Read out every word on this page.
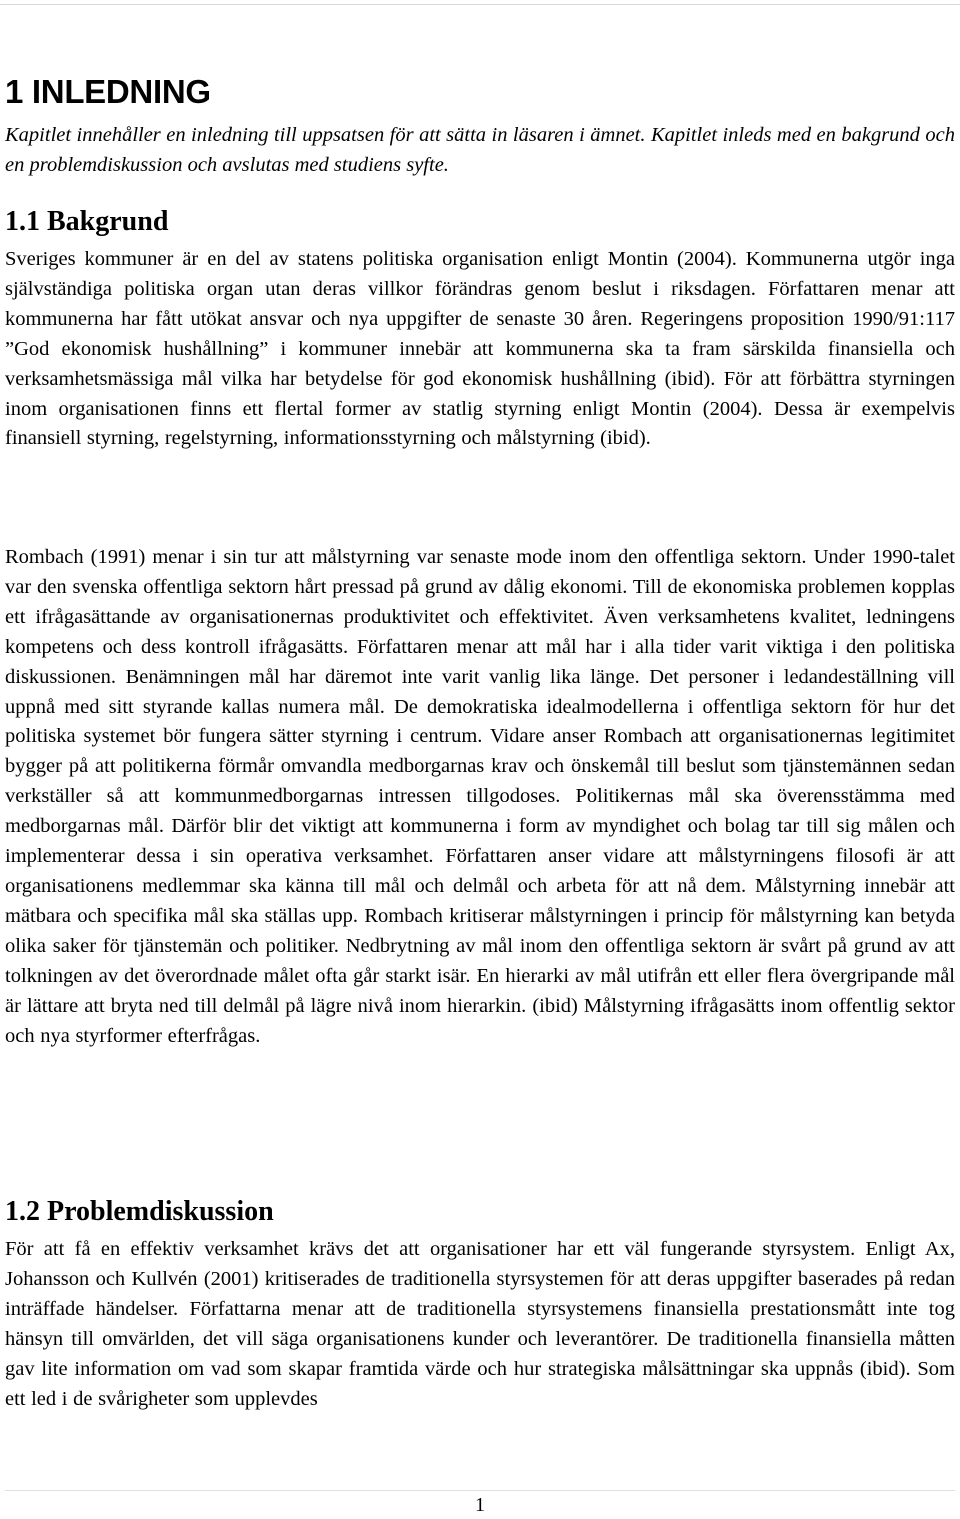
1 INLEDNING

Kapitlet innehåller en inledning till uppsatsen för att sätta in läsaren i ämnet. Kapitlet inleds med en bakgrund och en problemdiskussion och avslutas med studiens syfte.

1.1 Bakgrund

Sveriges kommuner är en del av statens politiska organisation enligt Montin (2004). Kommunerna utgör inga självständiga politiska organ utan deras villkor förändras genom beslut i riksdagen. Författaren menar att kommunerna har fått utökat ansvar och nya uppgifter de senaste 30 åren. Regeringens proposition 1990/91:117 ”God ekonomisk hushållning” i kommuner innebär att kommunerna ska ta fram särskilda finansiella och verksamhetsmässiga mål vilka har betydelse för god ekonomisk hushållning (ibid). För att förbättra styrningen inom organisationen finns ett flertal former av statlig styrning enligt Montin (2004). Dessa är exempelvis finansiell styrning, regelstyrning, informationsstyrning och målstyrning (ibid).

Rombach (1991) menar i sin tur att målstyrning var senaste mode inom den offentliga sektorn. Under 1990-talet var den svenska offentliga sektorn hårt pressad på grund av dålig ekonomi. Till de ekonomiska problemen kopplas ett ifrågasättande av organisationernas produktivitet och effektivitet. Även verksamhetens kvalitet, ledningens kompetens och dess kontroll ifrågasätts. Författaren menar att mål har i alla tider varit viktiga i den politiska diskussionen. Benämningen mål har däremot inte varit vanlig lika länge. Det personer i ledandeställning vill uppnå med sitt styrande kallas numera mål. De demokratiska idealmodellerna i offentliga sektorn för hur det politiska systemet bör fungera sätter styrning i centrum. Vidare anser Rombach att organisationernas legitimitet bygger på att politikerna förmår omvandla medborgarnas krav och önskemål till beslut som tjänstemännen sedan verkställer så att kommunmedborgarnas intressen tillgodoses. Politikernas mål ska överensstämma med medborgarnas mål. Därför blir det viktigt att kommunerna i form av myndighet och bolag tar till sig målen och implementerar dessa i sin operativa verksamhet. Författaren anser vidare att målstyrningens filosofi är att organisationens medlemmar ska känna till mål och delmål och arbeta för att nå dem. Målstyrning innebär att mätbara och specifika mål ska ställas upp. Rombach kritiserar målstyrningen i princip för målstyrning kan betyda olika saker för tjänstemän och politiker. Nedbrytning av mål inom den offentliga sektorn är svårt på grund av att tolkningen av det överordnade målet ofta går starkt isär. En hierarki av mål utifrån ett eller flera övergripande mål är lättare att bryta ned till delmål på lägre nivå inom hierarkin. (ibid) Målstyrning ifrågasätts inom offentlig sektor och nya styrformer efterfrågas.

1.2 Problemdiskussion

För att få en effektiv verksamhet krävs det att organisationer har ett väl fungerande styrsystem. Enligt Ax, Johansson och Kullvén (2001) kritiserades de traditionella styrsystemen för att deras uppgifter baserades på redan inträffade händelser. Författarna menar att de traditionella styrsystemens finansiella prestationsmått inte tog hänsyn till omvärlden, det vill säga organisationens kunder och leverantörer. De traditionella finansiella måtten gav lite information om vad som skapar framtida värde och hur strategiska målsättningar ska uppnås (ibid). Som ett led i de svårigheter som upplevdes

1
